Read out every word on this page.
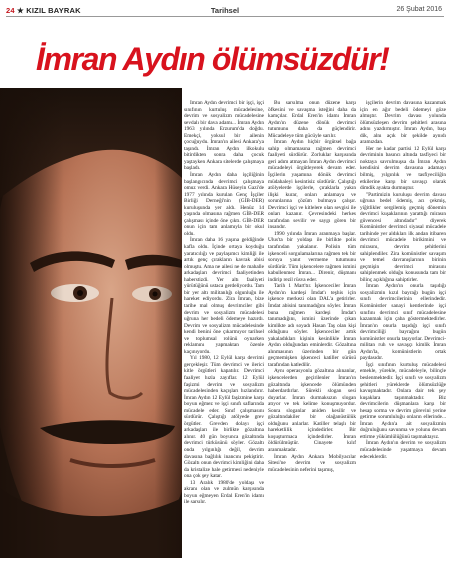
24 ★ KIZIL BAYRAK	Tarihsel	26 Şubat 2016
İmran Aydın ölümsüzdür!

İmran Aydın devrimci bir işçi, işçi sınıfının kurtuluş mücadelesine, devrim ve sosyalizm mücadelesine sevdalı bir dava adamı... İmran Aydın 1963 yılında Erzurum'da doğdu. Emekçi, yoksul bir ailenin çocuğuydu. İmran'ın ailesi Ankara'ya taşındı. İmran Aydın ilkokulu bitirdikten sonra daha çocuk yaştayken Ankara sitelerde çalışmaya başladı.

İmran Aydın daha işçiliğinin başlangıcında devrimci çalışmaya omuz verdi. Ankara Hüseyin Gazi'de 1977 yılında kurulan Genç İşçiler Birliği Derneği'nin (GİB-DER) kuruluşunda yer aldı. Henüz 14 yaşında olmasına rağmen GİB-DER çalışması içinde öne çıktı. GİB-DER onun için tam anlamıyla bir okul oldu.

İmran daha 16 yaşına geldiğinde kafla oldu. İçinde ortaya koyduğu yaratıcılığı ve paylaşımcı kimliği ile artık genç çırakların kavrak abisi olmuştu. Ama ne ailesi ne de mahalle arkadaşları devrimci faaliyetinden haberstizdi. Yer altı faaliyeti yürütüğünü ustaca gerdeliyordu. Tam bir yer altı militanlığı olgunluğu ile hareket ediyordu. Zira İmran, bize tarihe mal olmuş devrimciler gibi devrim ve sosyalizm mücadelesi uğruna her bedeli ödemeye hazırdı. Devrim ve sosyalizm mücadelesinde kendi benini öne çıkarmıyor tarihsel ve toplumsal rolünü oynarken reklamını yapmaktan özenle kaçınıyordu.

Yıl 1980, 12 Eylül karşı devrimi gerçekleşir. Tüm devrimci ve ilerici kitle örgütleri kapatılır. Devrimci faaliyet hızla zayıflar. 12 Eylül faşizmi devrim ve sosyalizm mücadelesinden kaçışları hızlandırır. İmran Aydın 12 Eylül faşizmine karşı boyun eğmez ve işçi sınıfı saflarında mücadele eder. Sınıf çalışmasını sürdürür. Çalıştığı atölyede grev örgütler. Grevden dolayı işçi arkadaşları ile birlikte gözaltına alınır. 40 gün boyunca gözaltında devrimci türküsünü söyler. Gözaltı onda yılgınlığı değil, devrim davasına bağlılık inancını pekiştirir. Gözaltı onun devrimci kimliğini daha da kristalize hale getirmesi nedeniyle ona çok şey katar.

13 Aralık 1980'de yoldaşı ve akranı olan ve zulmün karşısında boyun eğmeyen Erdal Eren'in idamı ile sarsılır.

Bu sarsılma onun düzene karşı öfkesini ve savaşma isteğini daha da kamçılar. Erdal Eren'in idamı İmran Aydın'ın düzene dönük devrimci tutumunu daha da güçlendirir. Mücadeleye tüm gücüyle sarılır.

İmran Aydın hiçbir örgütsel bağa sahip olmamasına rağmen devrimci faaliyeti sürdürür. Zorluklar karşısında geri adım atmayan İmran Aydın devrimci mücadeleyi örgütleyerek devam eder. İşçilerin yaşamına dönük devrimci müdahaleyi kesintisiz sürdürür. Çalıştığı atölyelerde işçilerle, çıraklarla yakın ilişki kurar, onları anlamaya ve sorunlarına çözüm bulmaya çalışır. Devrimci işçi ve kitlelere olan sevgisi ile onları kazanır. Çevresindeki herkes tarafından sevilir ve saygı gören bir insandır.

1990 yılında İmran aranmaya başlar. Ulus'ta bir yoldaşı ile birlikte polis tarafından yakalanır. Polisin tüm işkenceli sorgulamalarına rağmen tek bir soruya yanıt vermeme tutumunu sürdürür. Tüm işkencelere rağmen ismini kabullenmez İmran... Direnir, düşmanı indirip rezil rüsva eder.

Tarih 1 Mart'tır. İşkenceciler İmran Aydın'ın kardeşi İmdat'ı teşhis için işkence merkezi olan DAL'a getirirler. İmdat abisini tanımadığını söyler. İmran buna rağmen kardeşi İmdat'ı tanımadığını, ismini üzerinde çıkan kimlikte adı soyadı Hasan Taş olan kişi olduğunu söyler. İşkenceciler artık yakaladıkları kişinin kesinlikle İmran Aydın olduğundan eminlerdir. Gözaltına alınmasının üzerinden bir gün geçmemişken işkenceci katiller sürüsü tarafından katledilir.

Aynı operasyonla gözaltına alınanlar, işkencelerden geçirilenler İmran'ın gözaltında işkencede ölümünden haberdardırlar. Sürekli slogan sesi duyarlar. İmran durmaksızın slogan atıyor ve tek kelime konuşmuyordur. Sonra sloganlar aniden kesilir ve gözaltındakiler bir olağanüstülük olduğunu anlarlar. Katiller telaşlı bir hareketlilik içindedirler. Bir koşuşturmaca içindedirler. İmran öldürülmüştür. Cinayete kılıf aranmaktadır.

İmran Aydın Ankara Mobilyacılar Sitesi'ne devrim ve sosyalizm mücadelesinin neferini taşımış,

işçilerin devrim davasına kazanmak için en ağır bedeli ödemeyi göze almıştır. Devrim davası yolunda ölümsüzleşen devrim şehitleri arasına adını yazdırmıştır. İmran Aydın, başı dik, alnı açık bir şekilde aynıdı aramızdan.

Her ne kadar partisi 12 Eylül karşı devriminin basıncı altında tasfiyeci bir noktaya savrulmuşsa da İmran Aydın kendisini devrim davasına adamayı bilmiş, yılgınlık ve tasfiyeciliğin etkilerine karşı bir savaşçı olarak dimdik ayakta durmuştur.

"Partimizin kuruluşu devrim davası uğruna bedel ödemiş, acı çekmiş, yiğitlikler sergilemiş geçmiş dönemin devrimci kuşaklarının yarattığı mirasın güvencesi altındadır" diyerek Komünistler devrimci siyasal mücadele tarihinde yer aldıkları ilk andan itibaren devrimci mücadele birikimini ve mirasını, devrim şehitlerini sahiplendiler. Zira komünistler savaşım ve temel davranışlarının birinin geçmişin devrimci mirasını sahiplenmek olduğu konusunda tam bir bilinç açıklığına sahiptirler.

İmran Aydın'ın onurla taşıdığı sosyalizmin kızıl bayrağı bugün işçi sınıfı devrimcilerinin ellerindedir. Komünistler sanayi kentlerinde işçi sınıfını devrimci sınıf mücadelesine kazanmak için çaba göstermektedirler. İmran'ın onurla taşıdığı işçi sınıfı devrimciliği bayrağını bugün komünistler onurla taşıyorlar. Devrimci-militan ruh ve savaşçı kimlik İmran Aydın'la, komünistlerin ortak paydasıdır.

İşçi sınıfının kurtuluş mücadelesi emekle, yürekle, mücadeleyle, bilinçle beslenmektedir. İşçi sınıfı ve sosyalizm şehitleri yüreklerde ölümsüzlüğe kavuşmaktadır. Onlara dair tek şey kuşaklara taşınmaktadır. Biz devrimcilerin düşmanlara karşı bir hesap sorma ve devrim görevini yerine getirme sorumluluğu onların ellerinde... İmran Aydın'a ait sosyalizmin doğruluğunu savunma ve yolunu devam ettirme yükümlülüğünü taşımaktayız.

İmran Aydın'ın devrim ve sosyalizm mücadelesinde yaşatmaya devam edeceklerdir.
